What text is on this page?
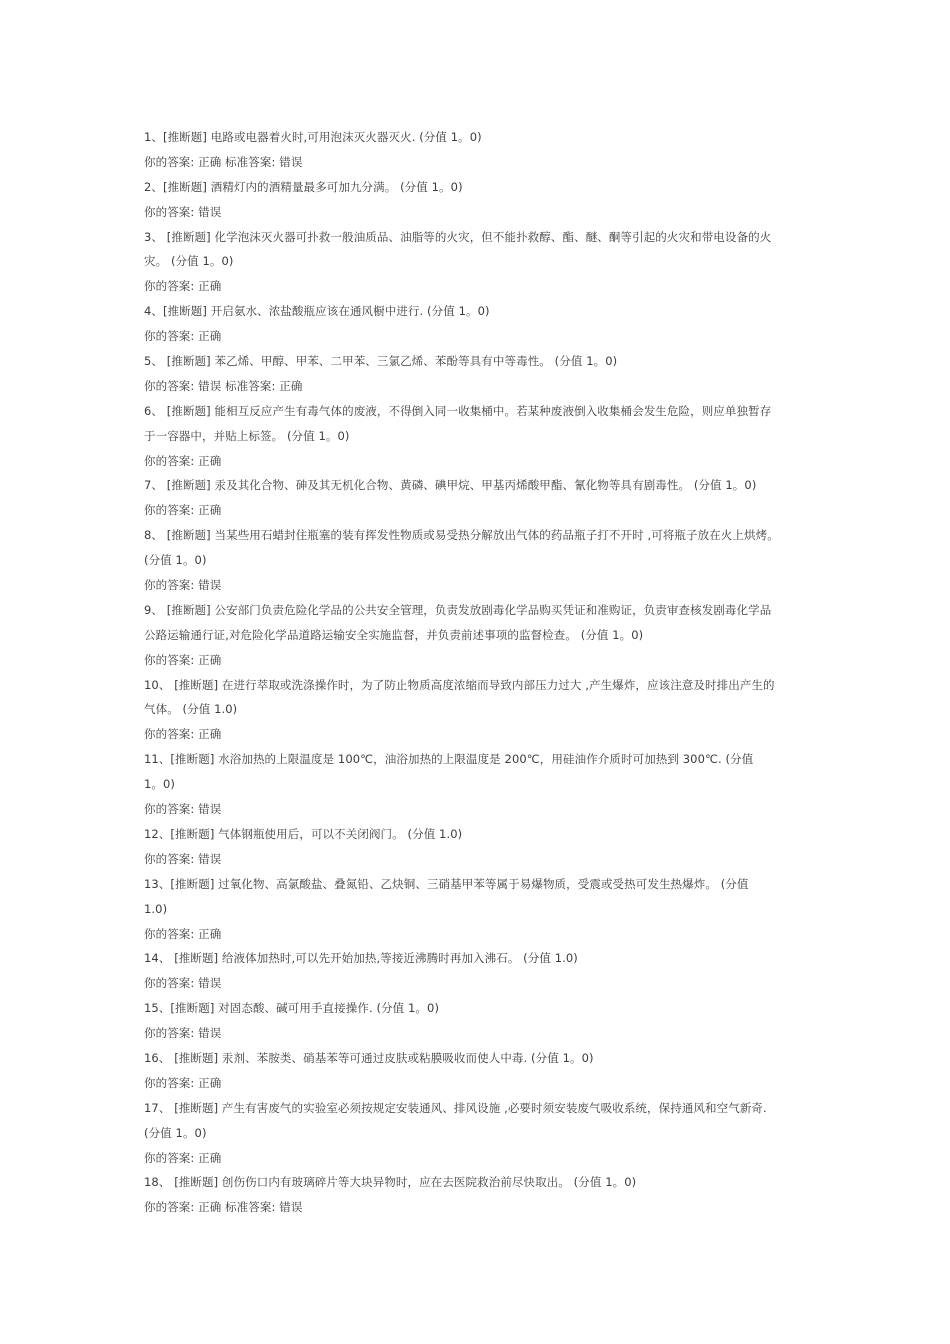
1、[推断题] 电路或电器着火时,可用泡沫灭火器灭火. (分值 1。0)
你的答案: 正确 标准答案: 错误
2、[推断题] 酒精灯内的酒精量最多可加九分满。 (分值 1。0)
你的答案: 错误
3、 [推断题] 化学泡沫灭火器可扑救一般油质品、油脂等的火灾，但不能扑救醇、酯、醚、酮等引起的火灾和带电设备的火
灾。 (分值 1。0)
你的答案: 正确
4、[推断题] 开启氨水、浓盐酸瓶应该在通风橱中进行. (分值 1。0)
你的答案: 正确
5、 [推断题] 苯乙烯、甲醇、甲苯、二甲苯、三氯乙烯、苯酚等具有中等毒性。 (分值 1。0)
你的答案: 错误 标准答案: 正确
6、 [推断题] 能相互反应产生有毒气体的废液，不得倒入同一收集桶中。若某种废液倒入收集桶会发生危险，则应单独暂存
于一容器中，并贴上标签。 (分值 1。0)
你的答案: 正确
7、 [推断题] 汞及其化合物、砷及其无机化合物、黄磷、碘甲烷、甲基丙烯酸甲酯、氰化物等具有剧毒性。 (分值 1。0)
你的答案: 正确
8、 [推断题] 当某些用石蜡封住瓶塞的装有挥发性物质或易受热分解放出气体的药品瓶子打不开时 ,可将瓶子放在火上烘烤。
(分值 1。0)
你的答案: 错误
9、 [推断题] 公安部门负责危险化学品的公共安全管理，负责发放剧毒化学品购买凭证和准购证，负责审查核发剧毒化学品
公路运输通行证,对危险化学品道路运输安全实施监督，并负责前述事项的监督检查。 (分值 1。0)
你的答案: 正确
10、 [推断题] 在进行萃取或洗涤操作时，为了防止物质高度浓缩而导致内部压力过大 ,产生爆炸，应该注意及时排出产生的
气体。 (分值 1.0)
你的答案: 正确
11、[推断题] 水浴加热的上限温度是 100℃，油浴加热的上限温度是 200℃，用硅油作介质时可加热到 300℃. (分值
1。0)
你的答案: 错误
12、[推断题] 气体钢瓶使用后，可以不关闭阀门。 (分值 1.0)
你的答案: 错误
13、[推断题] 过氧化物、高氯酸盐、叠氮铅、乙炔铜、三硝基甲苯等属于易爆物质，受震或受热可发生热爆炸。 (分值
1.0)
你的答案: 正确
14、 [推断题] 给液体加热时,可以先开始加热,等接近沸腾时再加入沸石。 (分值 1.0)
你的答案: 错误
15、[推断题] 对固态酸、碱可用手直接操作. (分值 1。0)
你的答案: 错误
16、 [推断题] 汞剂、苯胺类、硝基苯等可通过皮肤或粘膜吸收而使人中毒. (分值 1。0)
你的答案: 正确
17、 [推断题] 产生有害废气的实验室必须按规定安装通风、排风设施 ,必要时须安装废气吸收系统，保持通风和空气新奇.
(分值 1。0)
你的答案: 正确
18、 [推断题] 创伤伤口内有玻璃碎片等大块异物时，应在去医院救治前尽快取出。 (分值 1。0)
你的答案: 正确 标准答案: 错误
